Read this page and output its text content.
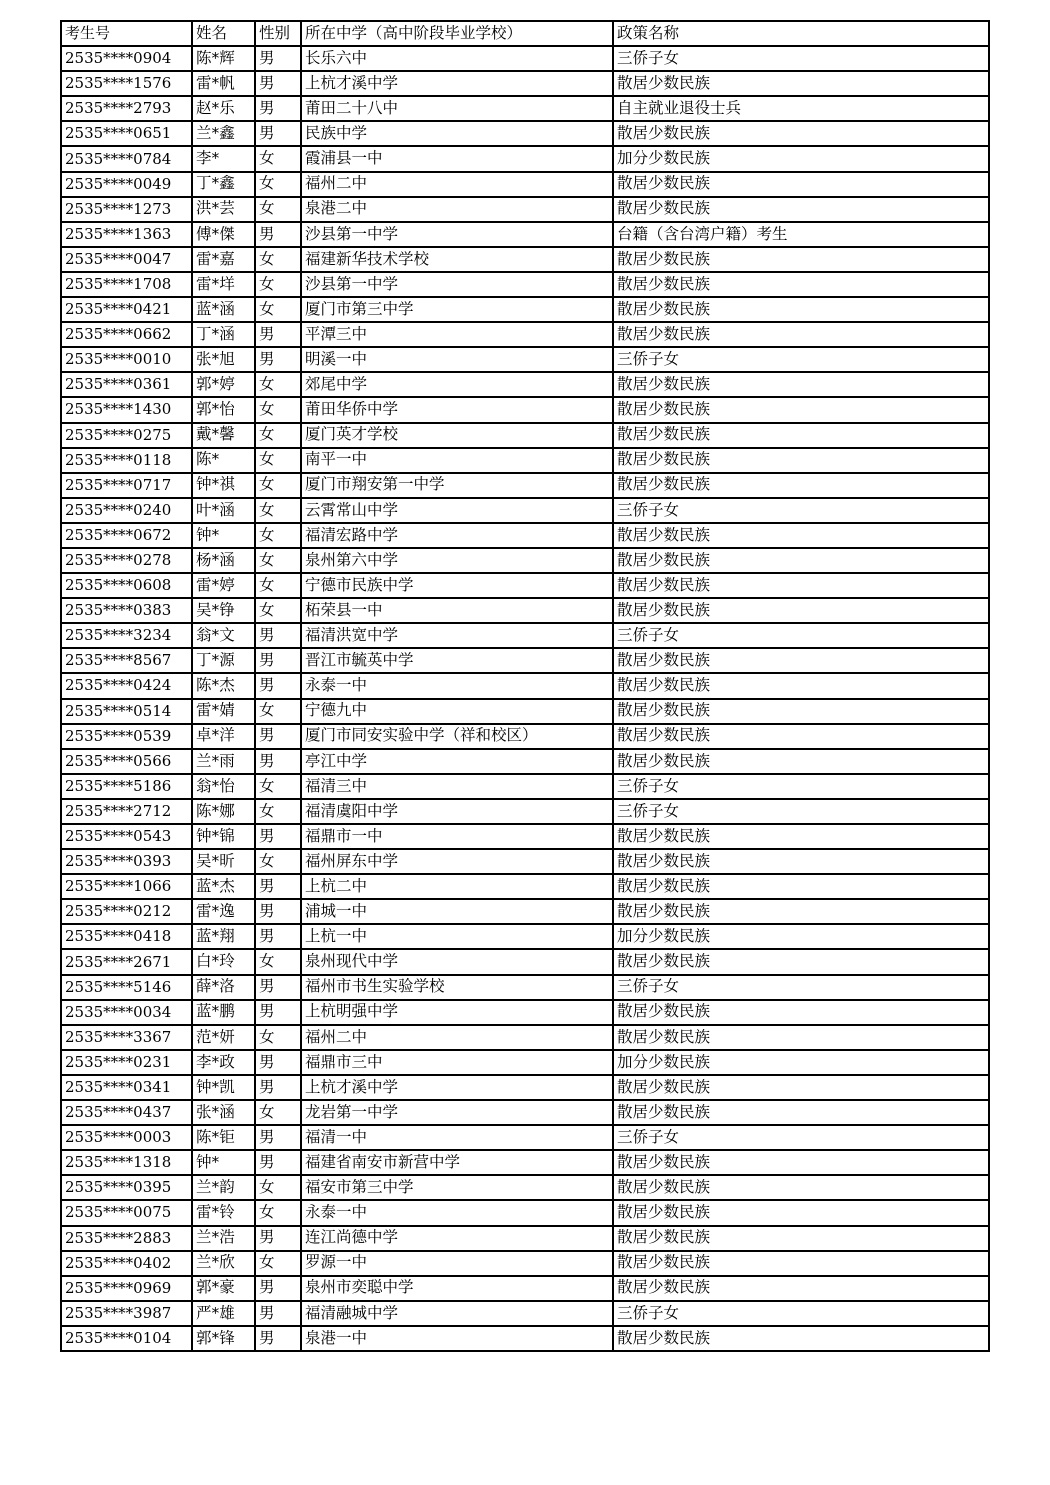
考生号	姓名	性别	所在中学（高中阶段毕业学校）	政策名称
2535****0904	陈*辉	男	长乐六中	三侨子女
2535****1576	雷*帆	男	上杭才溪中学	散居少数民族
2535****2793	赵*乐	男	莆田二十八中	自主就业退役士兵
2535****0651	兰*鑫	男	民族中学	散居少数民族
2535****0784	李*	女	霞浦县一中	加分少数民族
2535****0049	丁*鑫	女	福州二中	散居少数民族
2535****1273	洪*芸	女	泉港二中	散居少数民族
2535****1363	傅*傑	男	沙县第一中学	台籍（含台湾户籍）考生
2535****0047	雷*嘉	女	福建新华技术学校	散居少数民族
2535****1708	雷*垟	女	沙县第一中学	散居少数民族
2535****0421	蓝*涵	女	厦门市第三中学	散居少数民族
2535****0662	丁*涵	男	平潭三中	散居少数民族
2535****0010	张*旭	男	明溪一中	三侨子女
2535****0361	郭*婷	女	郊尾中学	散居少数民族
2535****1430	郭*怡	女	莆田华侨中学	散居少数民族
2535****0275	戴*馨	女	厦门英才学校	散居少数民族
2535****0118	陈*	女	南平一中	散居少数民族
2535****0717	钟*祺	女	厦门市翔安第一中学	散居少数民族
2535****0240	叶*涵	女	云霄常山中学	三侨子女
2535****0672	钟*	女	福清宏路中学	散居少数民族
2535****0278	杨*涵	女	泉州第六中学	散居少数民族
2535****0608	雷*婷	女	宁德市民族中学	散居少数民族
2535****0383	吴*铮	女	柘荣县一中	散居少数民族
2535****3234	翁*文	男	福清洪宽中学	三侨子女
2535****8567	丁*源	男	晋江市毓英中学	散居少数民族
2535****0424	陈*杰	男	永泰一中	散居少数民族
2535****0514	雷*婧	女	宁德九中	散居少数民族
2535****0539	卓*洋	男	厦门市同安实验中学（祥和校区）	散居少数民族
2535****0566	兰*雨	男	亭江中学	散居少数民族
2535****5186	翁*怡	女	福清三中	三侨子女
2535****2712	陈*娜	女	福清虞阳中学	三侨子女
2535****0543	钟*锦	男	福鼎市一中	散居少数民族
2535****0393	吴*昕	女	福州屏东中学	散居少数民族
2535****1066	蓝*杰	男	上杭二中	散居少数民族
2535****0212	雷*逸	男	浦城一中	散居少数民族
2535****0418	蓝*翔	男	上杭一中	加分少数民族
2535****2671	白*玲	女	泉州现代中学	散居少数民族
2535****5146	薛*洛	男	福州市书生实验学校	三侨子女
2535****0034	蓝*鹏	男	上杭明强中学	散居少数民族
2535****3367	范*妍	女	福州二中	散居少数民族
2535****0231	李*政	男	福鼎市三中	加分少数民族
2535****0341	钟*凯	男	上杭才溪中学	散居少数民族
2535****0437	张*涵	女	龙岩第一中学	散居少数民族
2535****0003	陈*钜	男	福清一中	三侨子女
2535****1318	钟*	男	福建省南安市新营中学	散居少数民族
2535****0395	兰*韵	女	福安市第三中学	散居少数民族
2535****0075	雷*铃	女	永泰一中	散居少数民族
2535****2883	兰*浩	男	连江尚德中学	散居少数民族
2535****0402	兰*欣	女	罗源一中	散居少数民族
2535****0969	郭*豪	男	泉州市奕聪中学	散居少数民族
2535****3987	严*雄	男	福清融城中学	三侨子女
2535****0104	郭*锋	男	泉港一中	散居少数民族
